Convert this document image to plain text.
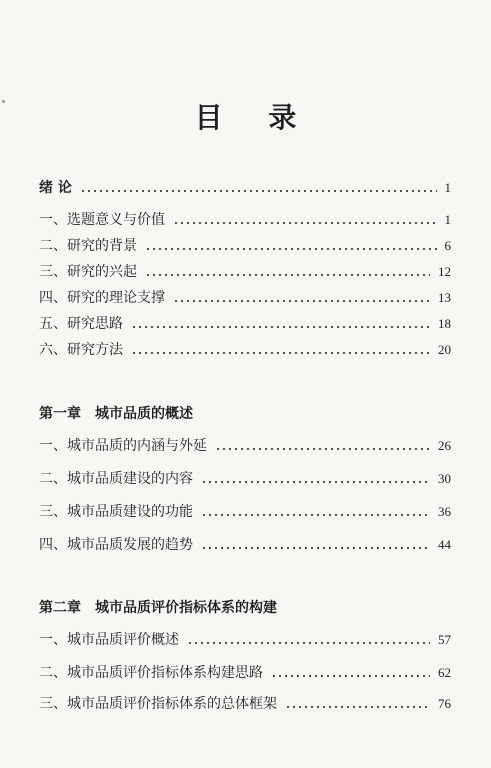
目 录
绪 论	1
一、选题意义与价值	1
二、研究的背景	6
三、研究的兴起	12
四、研究的理论支撑	13
五、研究思路	18
六、研究方法	20
第一章 城市品质的概述
一、城市品质的内涵与外延	26
二、城市品质建设的内容	30
三、城市品质建设的功能	36
四、城市品质发展的趋势	44
第二章 城市品质评价指标体系的构建
一、城市品质评价概述	57
二、城市品质评价指标体系构建思路	62
三、城市品质评价指标体系的总体框架	76
